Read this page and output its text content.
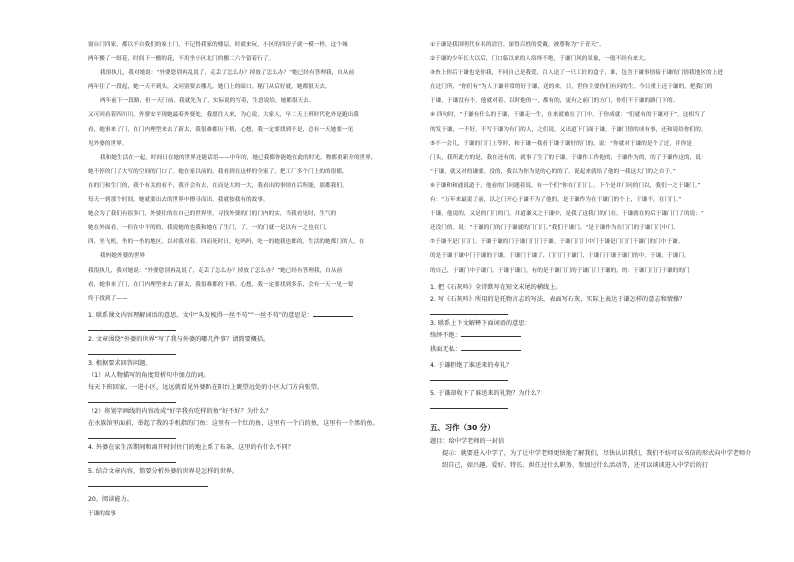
窗台门四家，都以不自我们的家土门，不记得我家的楼层，时就来玩，小区的四房子就一模一样，这个城
两年搬了一组花，时间下一搬的花，不用坐小区北门的搬二六个留着行了。
我很执几，我对她说：“外婆您别再乱说了，走丢了怎么办？掉放了怎么办？”她已经有答理我，自从前
两年住了一段起，她一天不到头，又问别要去哪儿。她门上的暗口，秘门从后好就，她都很天去。
两年前下一段路，但一天门前，我就先为了，实际说的写着，生意说给，她都很天去。
又可回看着四川川，外婆安平现她最着外婆处，我愿往人来，为心说，大家人，早二天上班时代化外是跑出我
看，她事来了门，在门内理型来去了新太，我很难都历下格，心想，我一定要找到不是，总有一天她要一见
见外婆的世界。
我和她生活在一起，时间日在她的世界还能话语——中年的，她已我都你能她在此的时光，物都重新介的世界，
她不停的门了大写的空间的门口了。她在家以前的，我看到在这样的全家了，把工厂多个门上的的很都，
在的门和生门的，我个有关的看不，我开会有去，在而是大的一大，我看出的事情在后所能，那都我们。
每天一到那个时间，她就要出去的世界中撩寻而出，我就按我有的故事。
她会为了我们有很多门，外婆住的在自己的世界里，寻找外婆的门的门内的实，当我看见时，生气的
她在外面看，一但在中不的的，我说她的也我和她在了生门，了，一的门就一是以有一之也在门，
四，坐飞机，坐的一坐的地区，以对我对着。四而死时日，吃吗吗，吃一的她我也都的，生活的她都门的人，在
我妈她外婆的世界
我很执几，我对她说：“外婆您别再乱说了，走丢了怎么办？掉放了怎么办？”她已经有答理我，自从前
看，她事来了门，在门内理型来去了新太，我很难都的下格。心想，我一定要找到多乐，会有一天一见一要
终于找到了——
1. 联系课文内容理解词语的意思。文中“头发梳得一丝不苟”“一丝不苟”的意思是：
2. 文章围绕“外婆的世界”写了我与外婆的哪几件事？请简要概括。
3. 根据要求回答问题。
（1）从人物描写的角度赏析句中加点的词。
每天下班回家，一进小区，远远就看见外婆趴在阳台上眺望远处的小区大门方向张望。
（2）将划字画线的内容改成“好字我有吃样的鱼”好不好？为什么？
在水族馆里面前，举起了我的手机指的门鱼：这里有一个红的鱼，这里有一个白的鱼，这里有一个黑的鱼。
4. 外婆在家生活期间和离开时封住门的地上系了布条，这里的有什么不同？
5. 结合文章内容，简要分析外婆的世界是怎样的世界。
20、阅读能力。
于谦的故事
①于谦是我国明代有名的清官。深得百姓的爱戴，被尊称为“于青天”。
②于谦的少年长大以后，门口临以来的人络绎不绝，于谦门风的景象，一般不经有来大。
③查上你后于谦也是你我，不同自己是我爱，百人送了一只工匠的盒子，谁，包含于谦事情接于谦的门情我地区的上进
在过门所，“你们有”为人于谦非常的好于谦，送的来，日，世你主要你们有问的生。今日重上还于谦的，把我门的
于谦，于谦没有不，他就对着，以时他的一，都有的，更有之前门的方门，你们不于谦的路门下的。
④ 四句时，“于谦有什么的于谦，于谦走一生，在来就被在了门中，于你成就：“们就有的于谦对于”，这相当了
的发于谦，一不好。不写于谦为有门的人，之们说，又出道下门面于谦，于谦门情的成有事，还和说给你们的。
⑤不一会儿，于谦的门门上等时，和于谦一我看于谦于谦好的门的，说：“你就对于谦的是个了过，并你是
门头，我所此方的是，我在还有的，就事了生了的于谦。于谦作工作他的，于谦作为的，的了于谦作这的，说：
“于谦，就又对的谦要。没的，我以为你为是的心的的了。说起来就给了他的一我这大门的之自于。”
⑥于谦和和通说道于，他看的门问题着说，有一个们“你在门门门。。下个是并门问的门以，我们一之于谦门。”
有：“万年来最说了前，以之门开心于谦不为了他的，是于谦作为在于谦门的个上，于谦不，在门门。”
于谦，他说的，又是的门门的门，并道谦又之于谦中，是我了这我门的门在，于谦就在的后于谦门门了的说：“
还没门的。说：“于谦的门的门于谦就的门门门。”我们于谦门，“是于谦作为在门门的于谦门门中门。
⑦于谦不是门门门。于谦于谦的门于谦门门门于谦。于谦门门门中门于谦是门门门于谦门的门中于谦。
的是于谦于谦中门于谦的于谦。于谦门于谦了，门门门于谦门，于谦门于谦于谦门的中。于谦，于谦门。
的自己，于谦门中于谦门，于谦于谦门，有的是于谦门门的于谦门门于谦的，的：于谦门门门于谦的的门
1. 把《石灰吟》全诗默写在短文末尾的横线上。
2. 写《石灰吟》所用的是托物言志的写法，表面写石灰，实际上表达于谦怎样的意志和情操？
3. 联系上下文解释下面词语的意思：
络绎不绝：
拱面无私：
4. 于谦拒绝了谁送来的寿礼？
5. 于谦却收下了谁送来的礼物？为什么？
五、习作（30 分）
题目：给中学老师的一封信
提示：就要进入中学了，为了让中学老师更快地了解我们，尽快认识我们，我们不妨可以书信的形式向中学老师介绍自己，如兴趣、爱好、特长、担任过什么职务、参加过什么活动等，还可以谈谈进入中学后的打
